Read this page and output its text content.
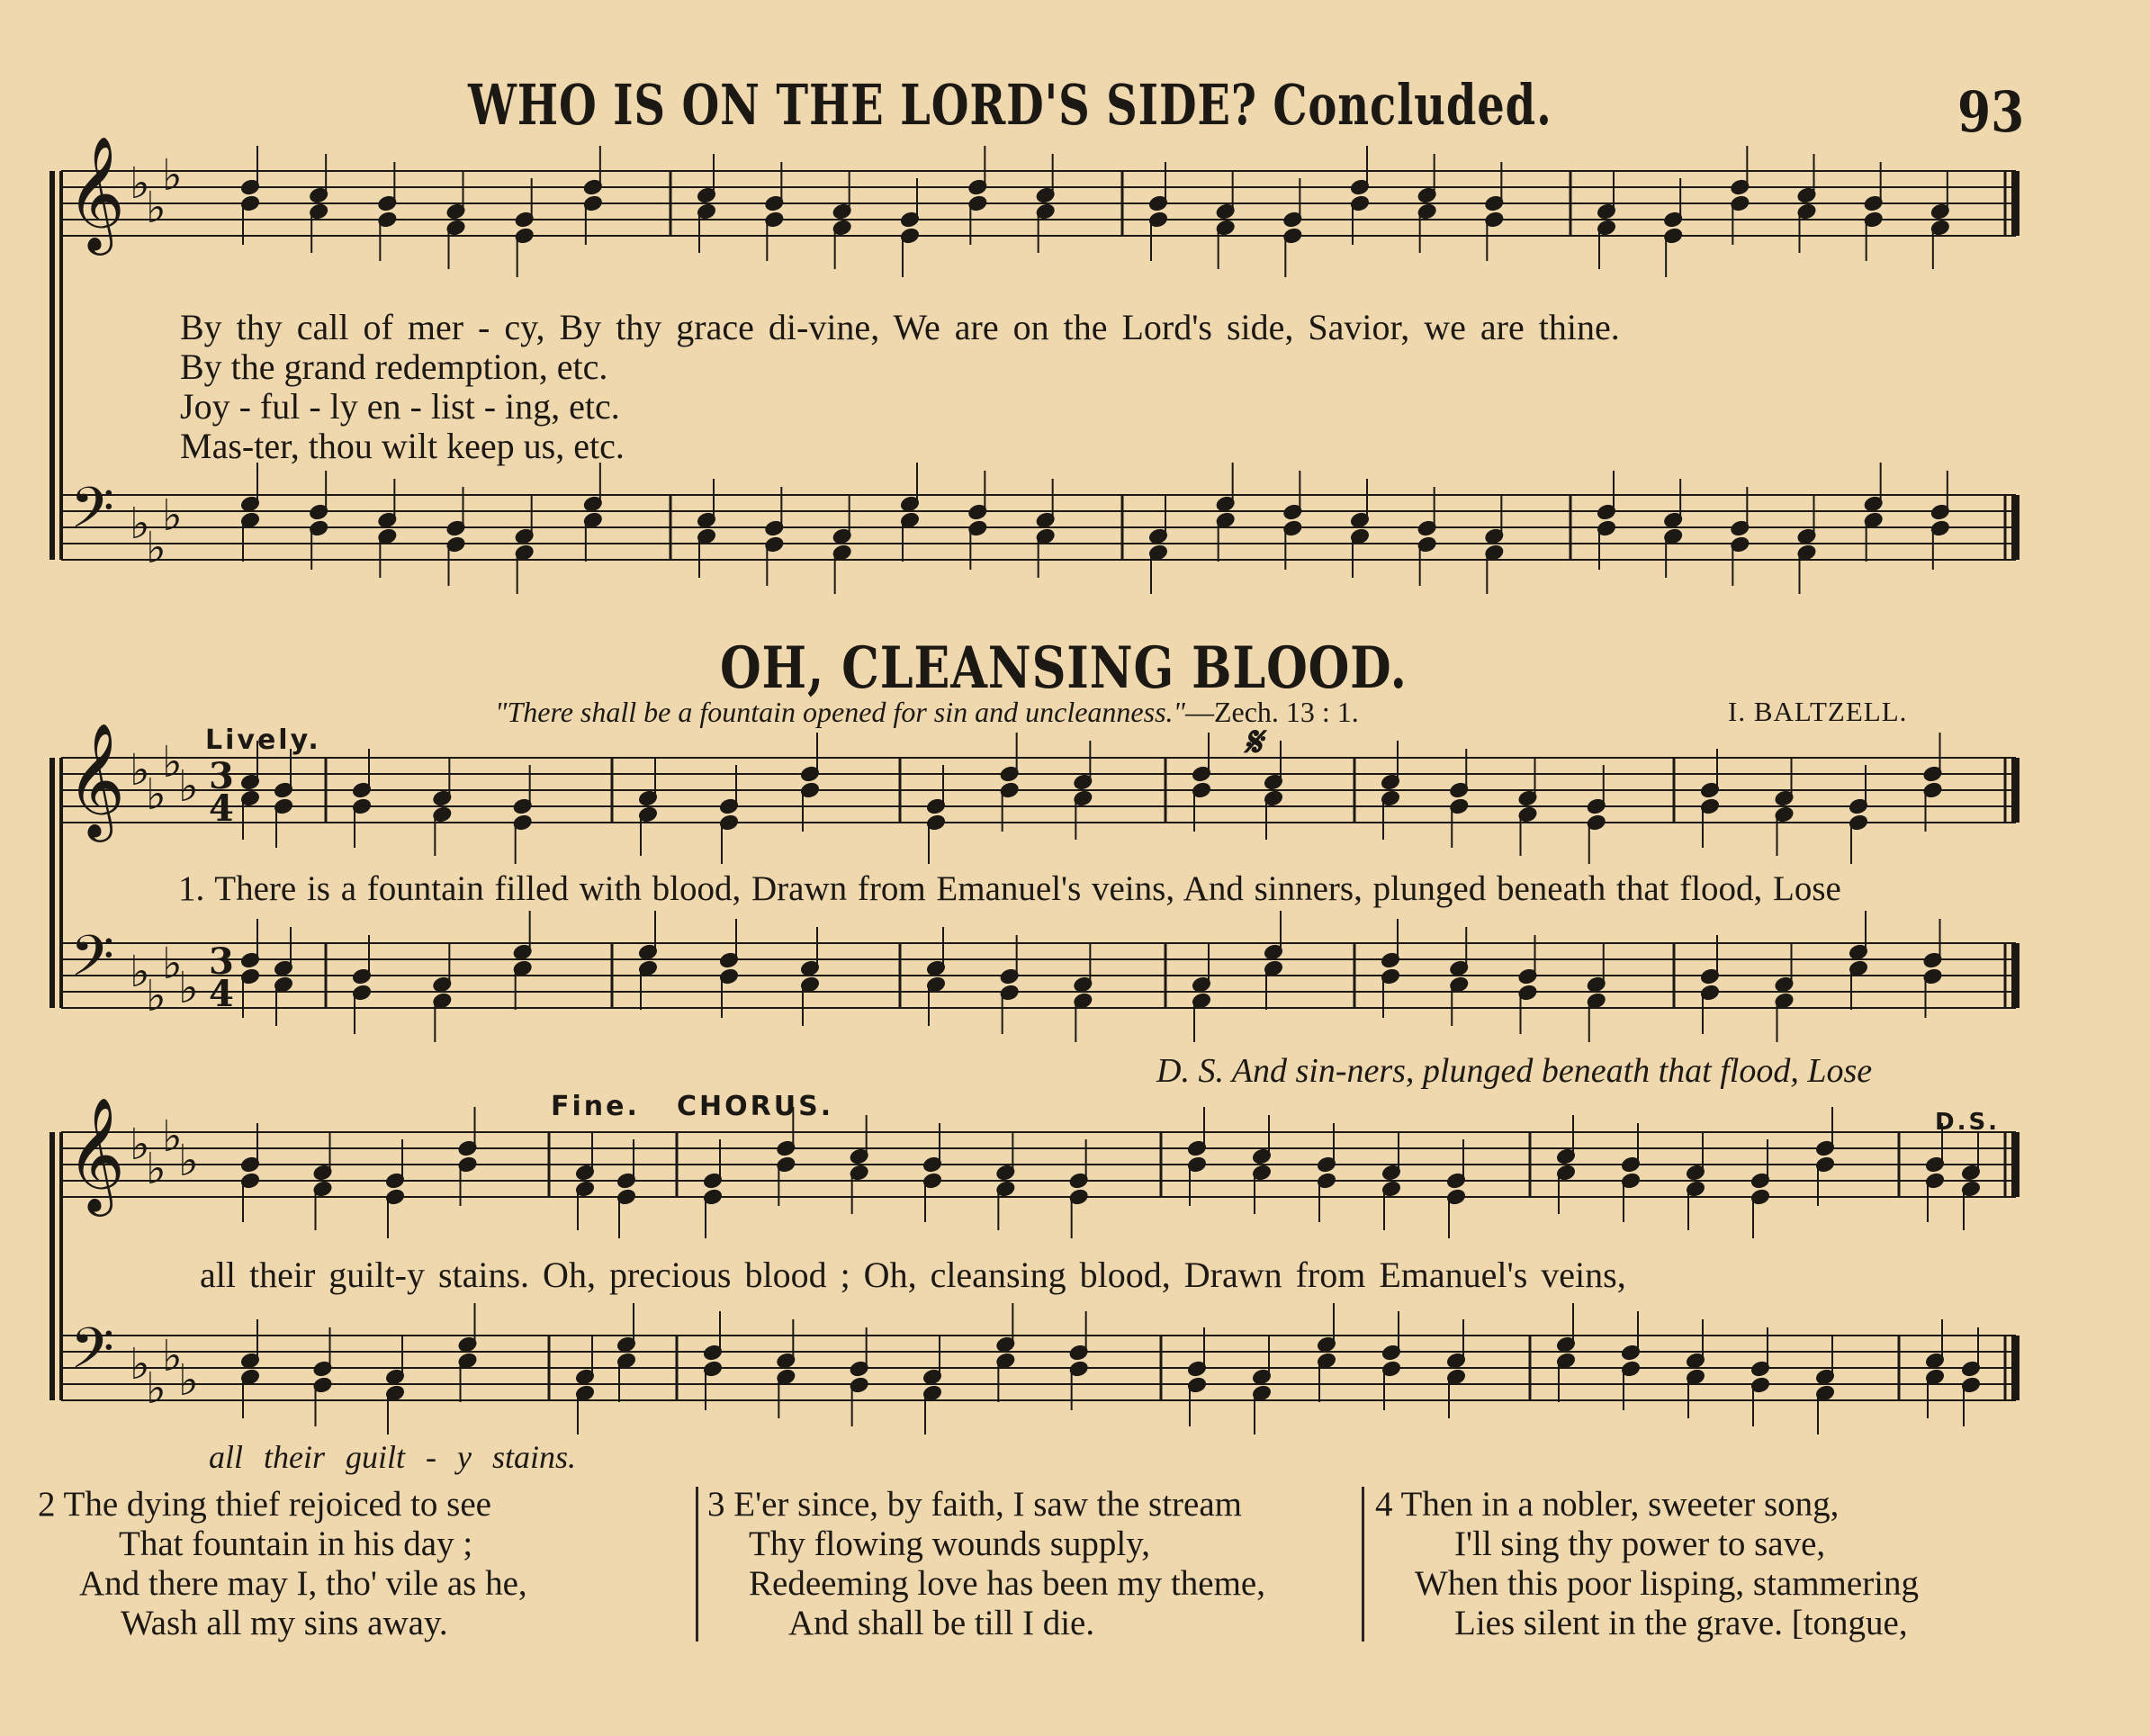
𝄞
𝄢
♭
♭
♭
♭
♭
♭
𝄞
𝄢
♭
♭
♭
♭
♭
♭
♭
♭
𝄞
𝄢
♭
♭
♭
♭
♭
♭
♭
♭
3
4
3
4
𝄋
WHO IS ON THE LORD'S SIDE? Concluded.	93
By thy call of mer - cy, By thy grace di-vine, We are on the Lord's side, Savior, we are thine.
By the grand redemption, etc.
Joy - ful - ly en - list - ing, etc.
Mas-ter, thou wilt keep us, etc.
OH, CLEANSING BLOOD.
"There shall be a fountain opened for sin and uncleanness."—Zech. 13 : 1.	I. BALTZELL.
Lively.
1. There is a fountain filled with blood, Drawn from Emanuel's veins, And sinners, plunged beneath that flood, Lose
D. S. And sin-ners, plunged beneath that flood, Lose
Fine. CHORUS.	D.S.
all their guilt-y stains. Oh, precious blood ; Oh, cleansing blood, Drawn from Emanuel's veins,
all their guilt - y stains.
2 The dying thief rejoiced to see
That fountain in his day ;
And there may I, tho' vile as he,
Wash all my sins away.
3 E'er since, by faith, I saw the stream
Thy flowing wounds supply,
Redeeming love has been my theme,
And shall be till I die.
4 Then in a nobler, sweeter song,
I'll sing thy power to save,
When this poor lisping, stammering
Lies silent in the grave. [tongue,
